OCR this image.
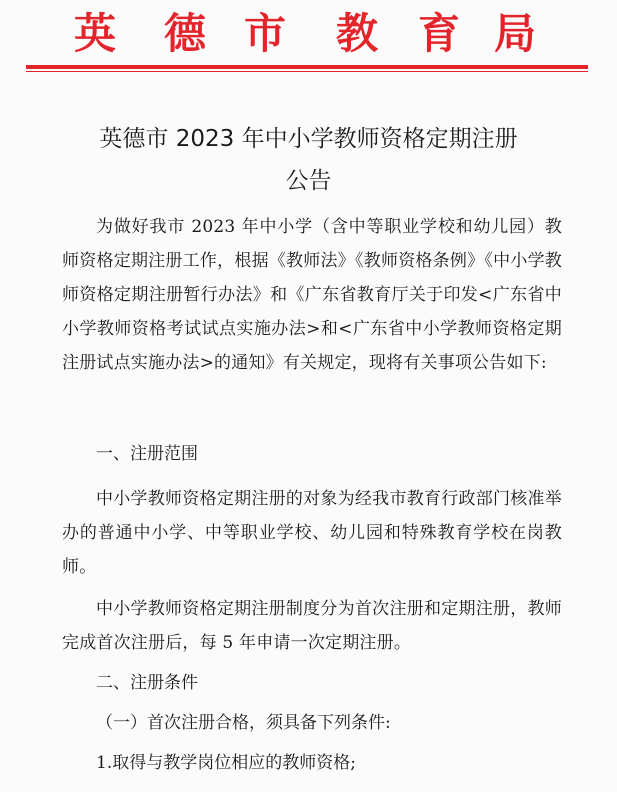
英 德 市 教 育 局
英德市 2023 年中小学教师资格定期注册
公告
为做好我市 2023 年中小学（含中等职业学校和幼儿园）教师资格定期注册工作，根据《教师法》《教师资格条例》《中小学教师资格定期注册暂行办法》和《广东省教育厅关于印发<广东省中小学教师资格考试试点实施办法>和<广东省中小学教师资格定期注册试点实施办法>的通知》有关规定，现将有关事项公告如下:
一、注册范围
中小学教师资格定期注册的对象为经我市教育行政部门核准举办的普通中小学、中等职业学校、幼儿园和特殊教育学校在岗教师。
中小学教师资格定期注册制度分为首次注册和定期注册，教师完成首次注册后，每 5 年申请一次定期注册。
二、注册条件
（一）首次注册合格，须具备下列条件:
1.取得与教学岗位相应的教师资格;
